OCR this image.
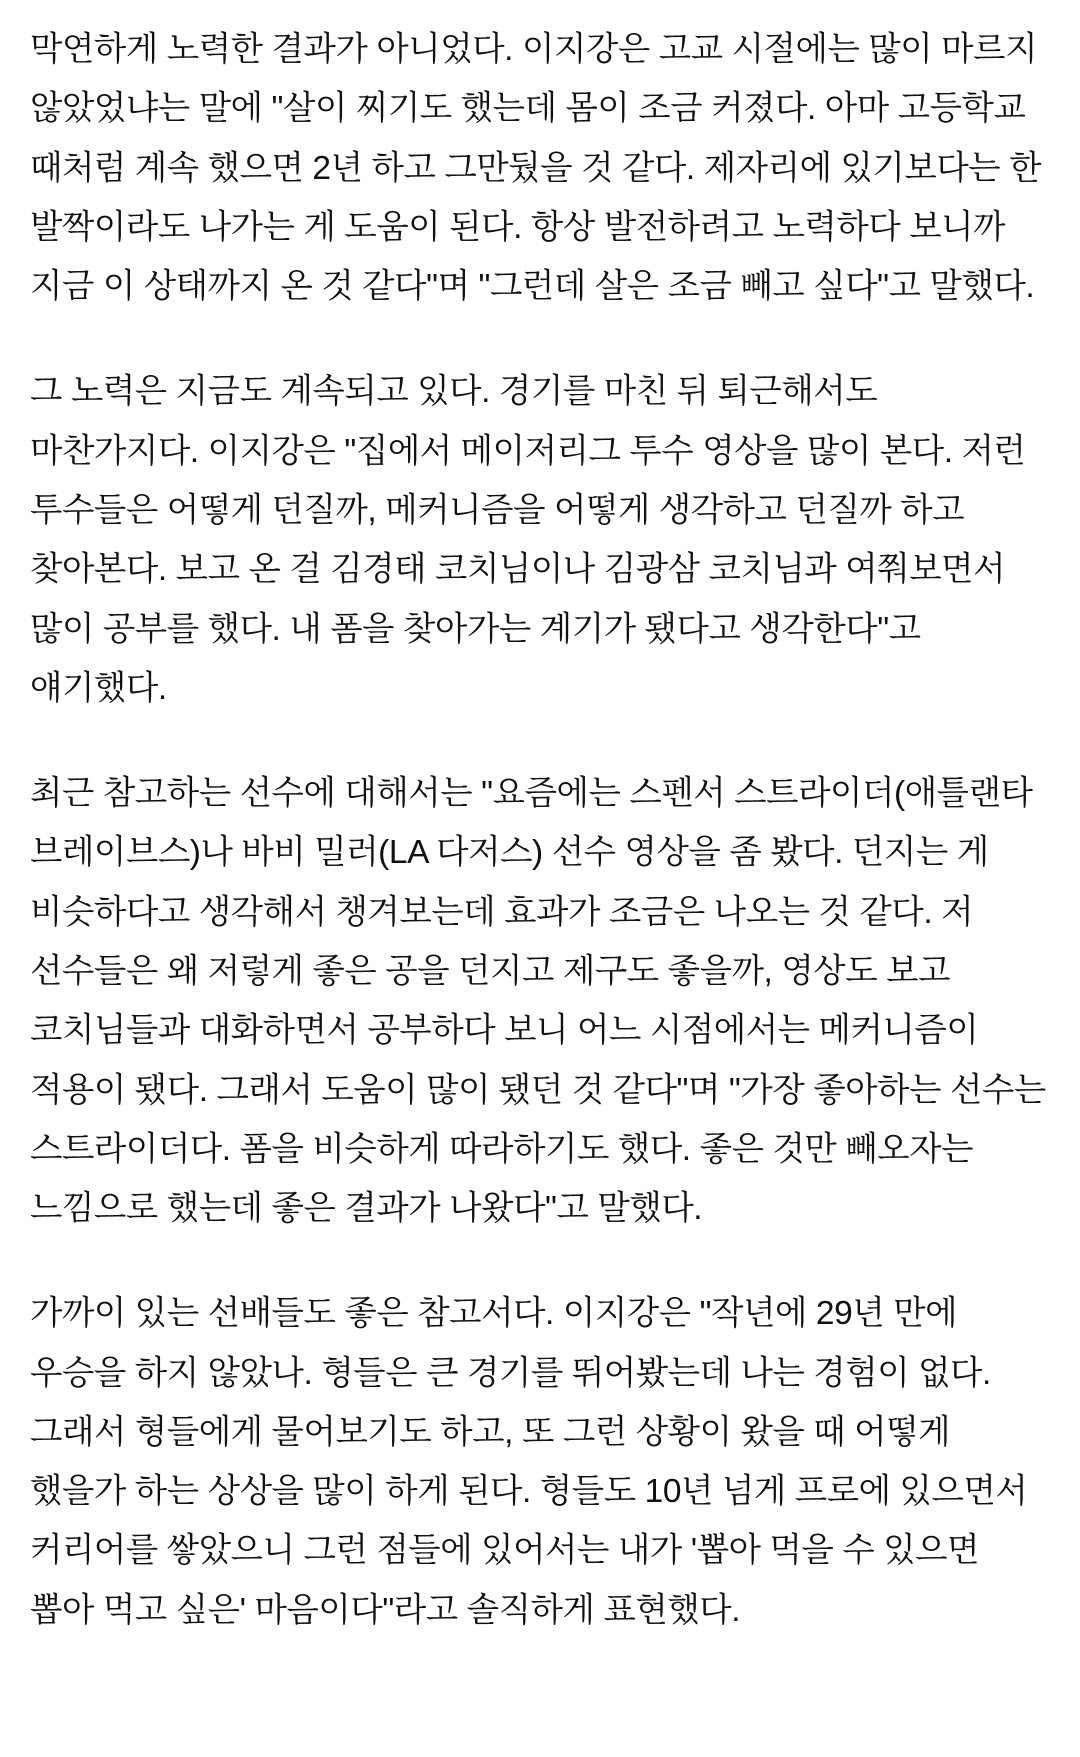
막연하게 노력한 결과가 아니었다. 이지강은 고교 시절에는 많이 마르지 않았었냐는 말에 "살이 찌기도 했는데 몸이 조금 커졌다. 아마 고등학교 때처럼 계속 했으면 2년 하고 그만뒀을 것 같다. 제자리에 있기보다는 한 발짝이라도 나가는 게 도움이 된다. 항상 발전하려고 노력하다 보니까 지금 이 상태까지 온 것 같다"며 "그런데 살은 조금 빼고 싶다"고 말했다.

그 노력은 지금도 계속되고 있다. 경기를 마친 뒤 퇴근해서도 마찬가지다. 이지강은 "집에서 메이저리그 투수 영상을 많이 본다. 저런 투수들은 어떻게 던질까, 메커니즘을 어떻게 생각하고 던질까 하고 찾아본다. 보고 온 걸 김경태 코치님이나 김광삼 코치님과 여쭤보면서 많이 공부를 했다. 내 폼을 찾아가는 계기가 됐다고 생각한다"고 얘기했다.

최근 참고하는 선수에 대해서는 "요즘에는 스펜서 스트라이더(애틀랜타 브레이브스)나 바비 밀러(LA 다저스) 선수 영상을 좀 봤다. 던지는 게 비슷하다고 생각해서 챙겨보는데 효과가 조금은 나오는 것 같다. 저 선수들은 왜 저렇게 좋은 공을 던지고 제구도 좋을까, 영상도 보고 코치님들과 대화하면서 공부하다 보니 어느 시점에서는 메커니즘이 적용이 됐다. 그래서 도움이 많이 됐던 것 같다"며 "가장 좋아하는 선수는 스트라이더다. 폼을 비슷하게 따라하기도 했다. 좋은 것만 빼오자는 느낌으로 했는데 좋은 결과가 나왔다"고 말했다.

가까이 있는 선배들도 좋은 참고서다. 이지강은 "작년에 29년 만에 우승을 하지 않았나. 형들은 큰 경기를 뛰어봤는데 나는 경험이 없다. 그래서 형들에게 물어보기도 하고, 또 그런 상황이 왔을 때 어떻게 했을가 하는 상상을 많이 하게 된다. 형들도 10년 넘게 프로에 있으면서 커리어를 쌓았으니 그런 점들에 있어서는 내가 '뽑아 먹을 수 있으면 뽑아 먹고 싶은' 마음이다"라고 솔직하게 표현했다.
